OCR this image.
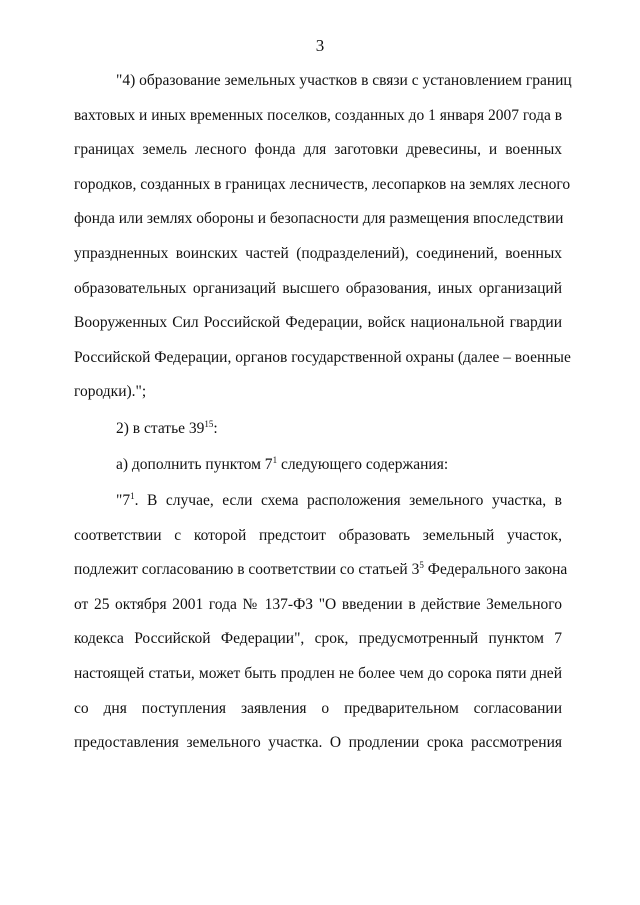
3
"4) образование земельных участков в связи с установлением границ
вахтовых и иных временных поселков, созданных до 1 января 2007 года в
границах земель лесного фонда для заготовки древесины, и военных
городков, созданных в границах лесничеств, лесопарков на землях лесного
фонда или землях обороны и безопасности для размещения впоследствии
упраздненных воинских частей (подразделений), соединений, военных
образовательных организаций высшего образования, иных организаций
Вооруженных Сил Российской Федерации, войск национальной гвардии
Российской Федерации, органов государственной охраны (далее – военные
городки).";
2) в статье $39^{15}$:
а) дополнить пунктом $7^1$ следующего содержания:
"$7^1$. В случае, если схема расположения земельного участка, в
соответствии с которой предстоит образовать земельный участок,
подлежит согласованию в соответствии со статьей $3^5$ Федерального закона
от 25 октября 2001 года № 137-ФЗ "О введении в действие Земельного
кодекса Российской Федерации", срок, предусмотренный пунктом 7
настоящей статьи, может быть продлен не более чем до сорока пяти дней
со дня поступления заявления о предварительном согласовании
предоставления земельного участка. О продлении срока рассмотрения
